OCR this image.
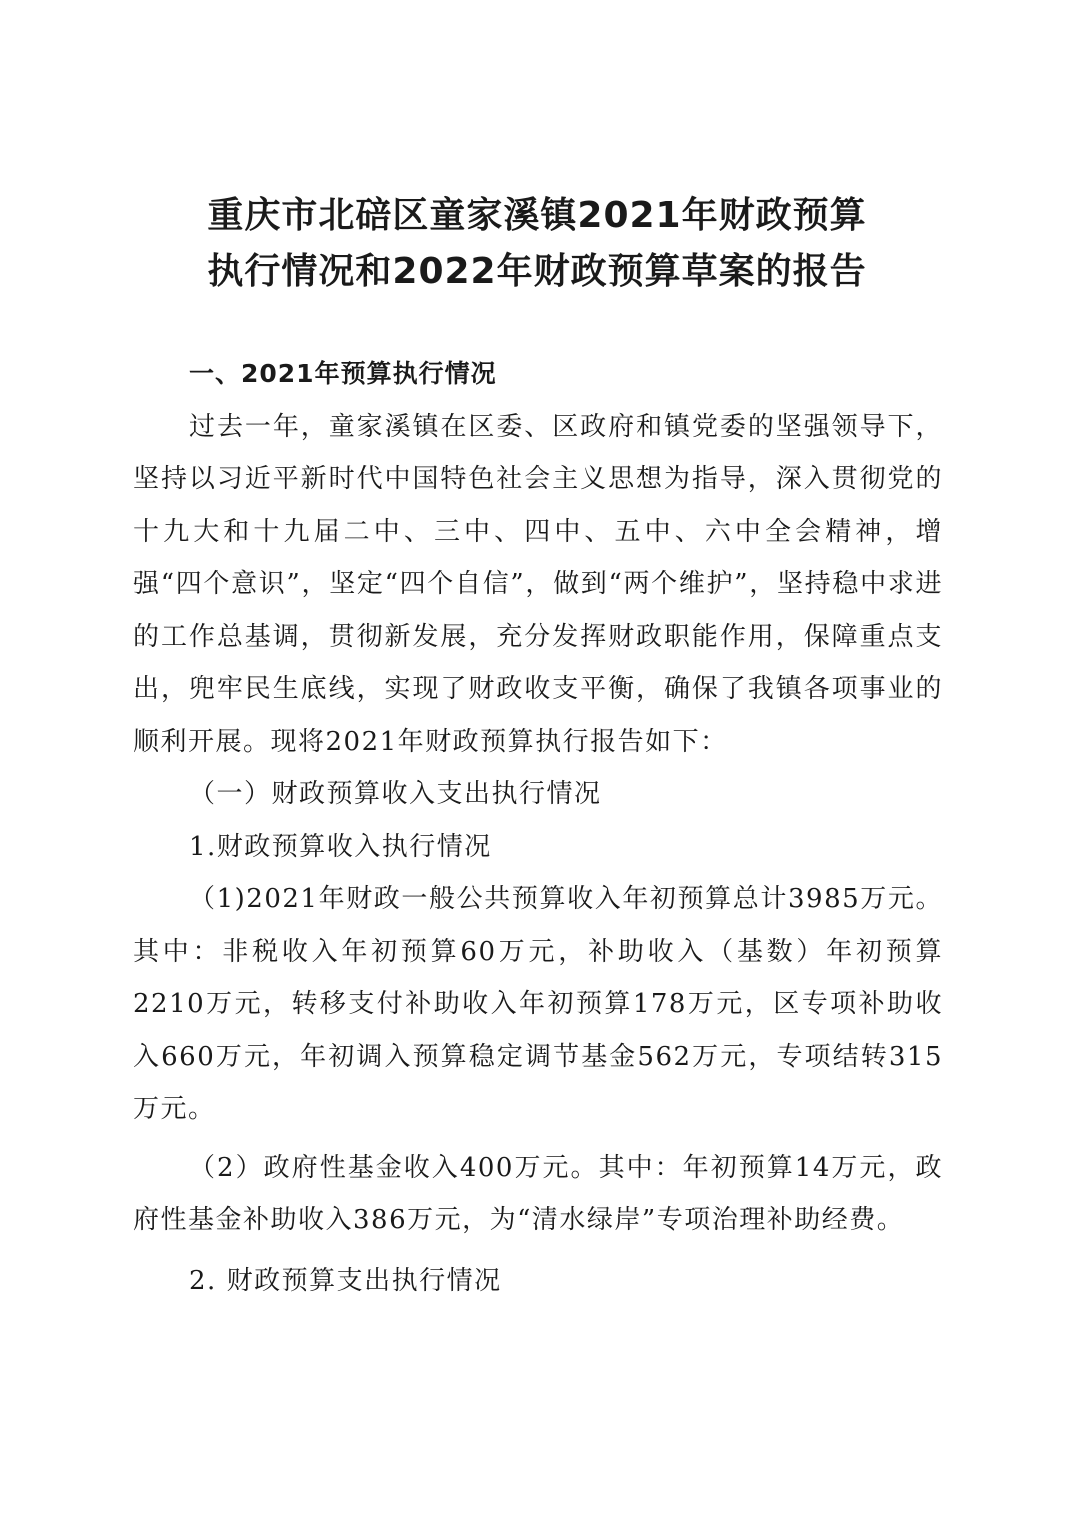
重庆市北碚区童家溪镇2021年财政预算
执行情况和2022年财政预算草案的报告

一、2021年预算执行情况

过去一年，童家溪镇在区委、区政府和镇党委的坚强领导下，坚持以习近平新时代中国特色社会主义思想为指导，深入贯彻党的十九大和十九届二中、三中、四中、五中、六中全会精神，增强“四个意识”，坚定“四个自信”，做到“两个维护”，坚持稳中求进的工作总基调，贯彻新发展，充分发挥财政职能作用，保障重点支出，兜牢民生底线，实现了财政收支平衡，确保了我镇各项事业的顺利开展。现将2021年财政预算执行报告如下：

（一）财政预算收入支出执行情况

1.财政预算收入执行情况

（1)2021年财政一般公共预算收入年初预算总计3985万元。其中：非税收入年初预算60万元，补助收入（基数）年初预算2210万元，转移支付补助收入年初预算178万元，区专项补助收入660万元，年初调入预算稳定调节基金562万元，专项结转315万元。

（2）政府性基金收入400万元。其中：年初预算14万元，政府性基金补助收入386万元，为“清水绿岸”专项治理补助经费。

2. 财政预算支出执行情况
